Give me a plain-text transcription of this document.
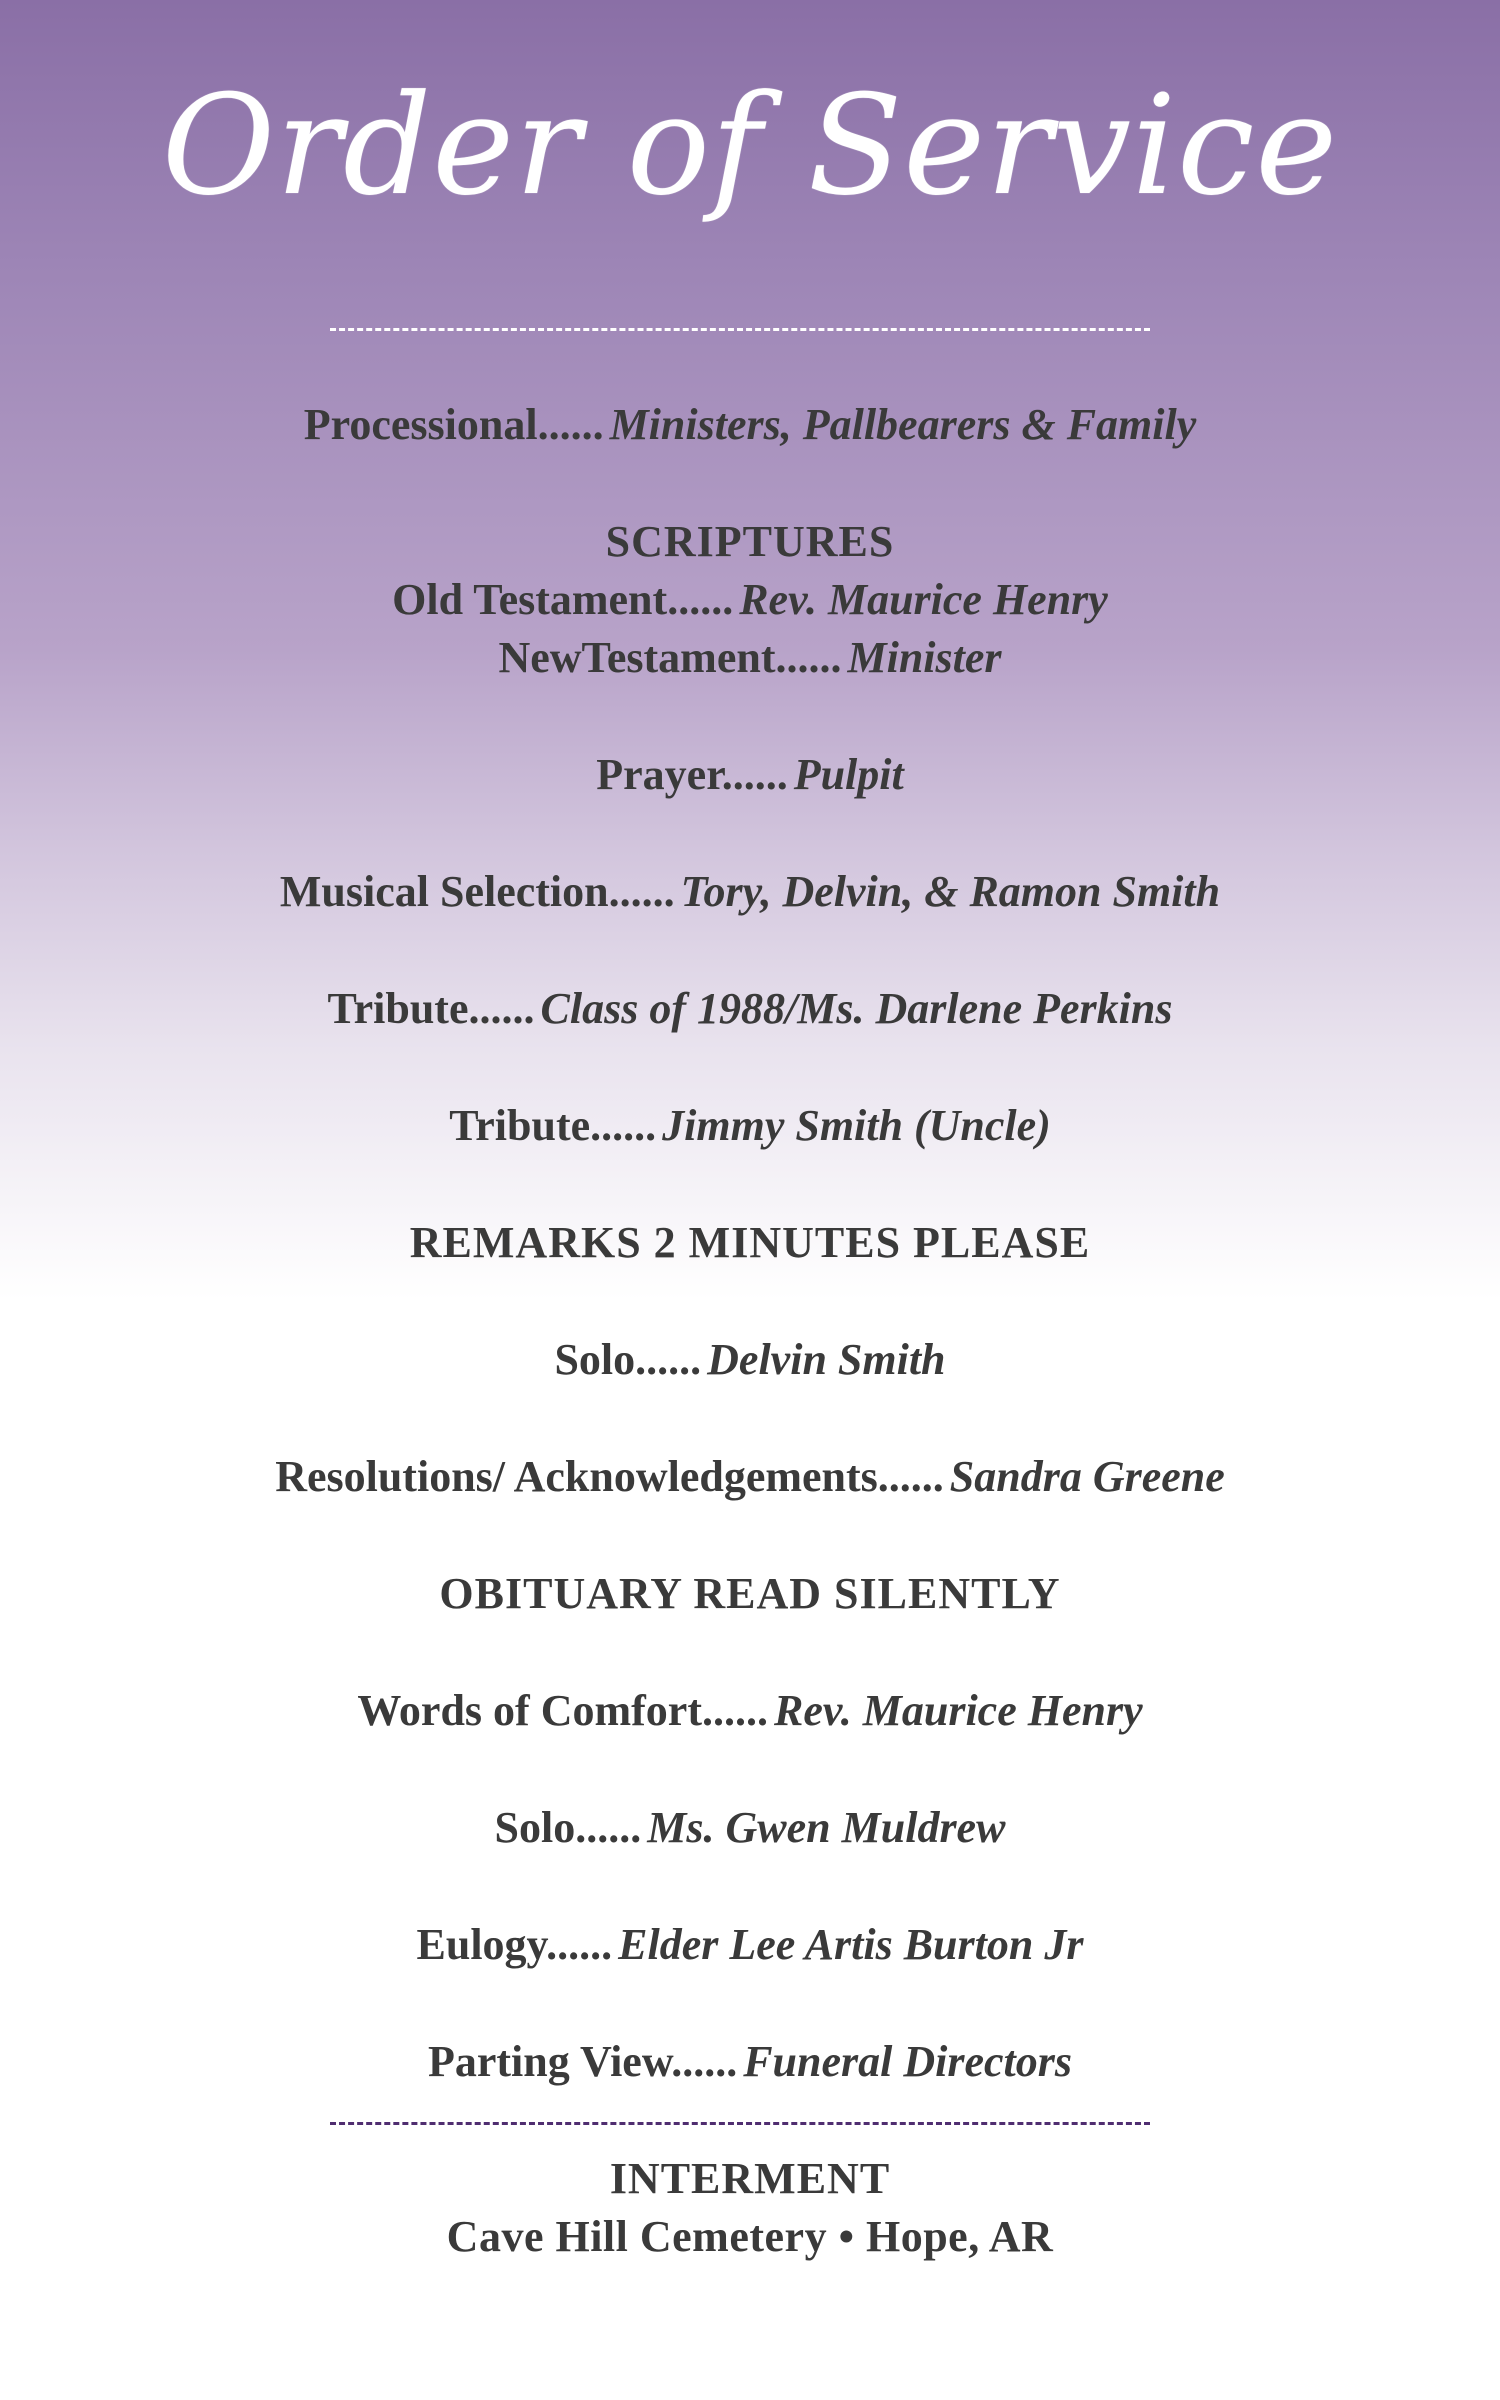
Order of Service
Processional...... Ministers, Pallbearers & Family
SCRIPTURES
Old Testament...... Rev. Maurice Henry
NewTestament...... Minister
Prayer...... Pulpit
Musical Selection...... Tory, Delvin, & Ramon Smith
Tribute...... Class of 1988/Ms. Darlene Perkins
Tribute...... Jimmy Smith (Uncle)
REMARKS 2 MINUTES PLEASE
Solo...... Delvin Smith
Resolutions/ Acknowledgements...... Sandra Greene
OBITUARY READ SILENTLY
Words of Comfort...... Rev. Maurice Henry
Solo...... Ms. Gwen Muldrew
Eulogy...... Elder Lee Artis Burton Jr
Parting View...... Funeral Directors
INTERMENT
Cave Hill Cemetery • Hope, AR
